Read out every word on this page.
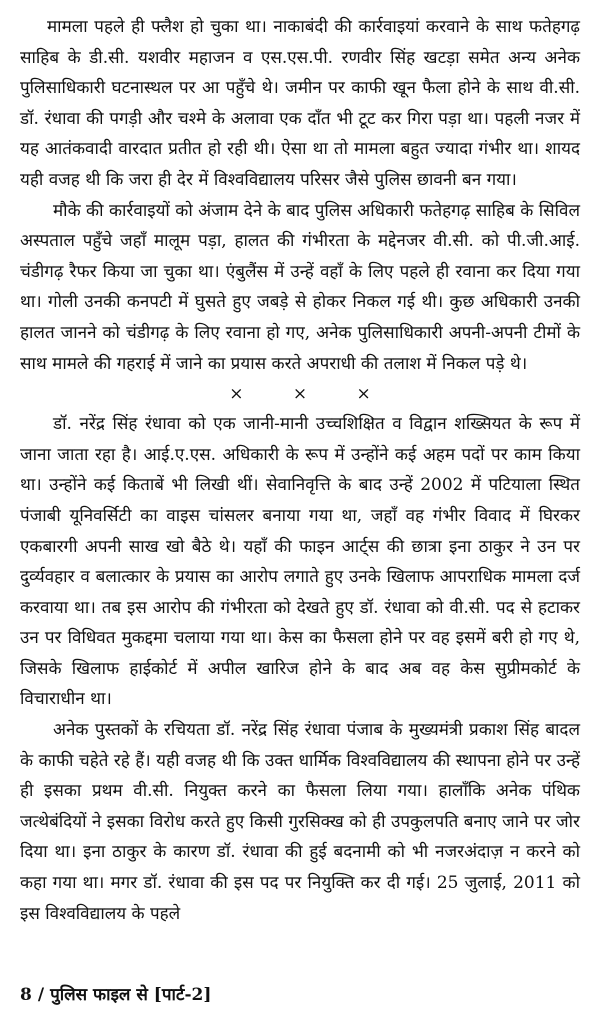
मामला पहले ही फ्लैश हो चुका था। नाकाबंदी की कार्रवाइयां करवाने के साथ फतेहगढ़ साहिब के डी.सी. यशवीर महाजन व एस.एस.पी. रणवीर सिंह खटड़ा समेत अन्य अनेक पुलिसाधिकारी घटनास्थल पर आ पहुँचे थे। जमीन पर काफी खून फैला होने के साथ वी.सी. डॉ. रंधावा की पगड़ी और चश्मे के अलावा एक दाँत भी टूट कर गिरा पड़ा था। पहली नजर में यह आतंकवादी वारदात प्रतीत हो रही थी। ऐसा था तो मामला बहुत ज्यादा गंभीर था। शायद यही वजह थी कि जरा ही देर में विश्वविद्यालय परिसर जैसे पुलिस छावनी बन गया।

मौके की कार्रवाइयों को अंजाम देने के बाद पुलिस अधिकारी फतेहगढ़ साहिब के सिविल अस्पताल पहुँचे जहाँ मालूम पड़ा, हालत की गंभीरता के मद्देनजर वी.सी. को पी.जी.आई. चंडीगढ़ रैफर किया जा चुका था। एंबुलैंस में उन्हें वहाँ के लिए पहले ही रवाना कर दिया गया था। गोली उनकी कनपटी में घुसते हुए जबड़े से होकर निकल गई थी। कुछ अधिकारी उनकी हालत जानने को चंडीगढ़ के लिए रवाना हो गए, अनेक पुलिसाधिकारी अपनी-अपनी टीमों के साथ मामले की गहराई में जाने का प्रयास करते अपराधी की तलाश में निकल पड़े थे।

× × ×

डॉ. नरेंद्र सिंह रंधावा को एक जानी-मानी उच्चशिक्षित व विद्वान शख्सियत के रूप में जाना जाता रहा है। आई.ए.एस. अधिकारी के रूप में उन्होंने कई अहम पदों पर काम किया था। उन्होंने कई किताबें भी लिखी थीं। सेवानिवृत्ति के बाद उन्हें 2002 में पटियाला स्थित पंजाबी यूनिवर्सिटी का वाइस चांसलर बनाया गया था, जहाँ वह गंभीर विवाद में घिरकर एकबारगी अपनी साख खो बैठे थे। यहाँ की फाइन आर्ट्स की छात्रा इना ठाकुर ने उन पर दुर्व्यवहार व बलात्कार के प्रयास का आरोप लगाते हुए उनके खिलाफ आपराधिक मामला दर्ज करवाया था। तब इस आरोप की गंभीरता को देखते हुए डॉ. रंधावा को वी.सी. पद से हटाकर उन पर विधिवत मुकद्दमा चलाया गया था। केस का फैसला होने पर वह इसमें बरी हो गए थे, जिसके खिलाफ हाईकोर्ट में अपील खारिज होने के बाद अब वह केस सुप्रीमकोर्ट के विचाराधीन था।

अनेक पुस्तकों के रचियता डॉ. नरेंद्र सिंह रंधावा पंजाब के मुख्यमंत्री प्रकाश सिंह बादल के काफी चहेते रहे हैं। यही वजह थी कि उक्त धार्मिक विश्वविद्यालय की स्थापना होने पर उन्हें ही इसका प्रथम वी.सी. नियुक्त करने का फैसला लिया गया। हालाँकि अनेक पंथिक जत्थेबंदियों ने इसका विरोध करते हुए किसी गुरसिक्ख को ही उपकुलपति बनाए जाने पर जोर दिया था। इना ठाकुर के कारण डॉ. रंधावा की हुई बदनामी को भी नजरअंदाज़ न करने को कहा गया था। मगर डॉ. रंधावा की इस पद पर नियुक्ति कर दी गई। 25 जुलाई, 2011 को इस विश्वविद्यालय के पहले

8 / पुलिस फाइल से [पार्ट-2]
